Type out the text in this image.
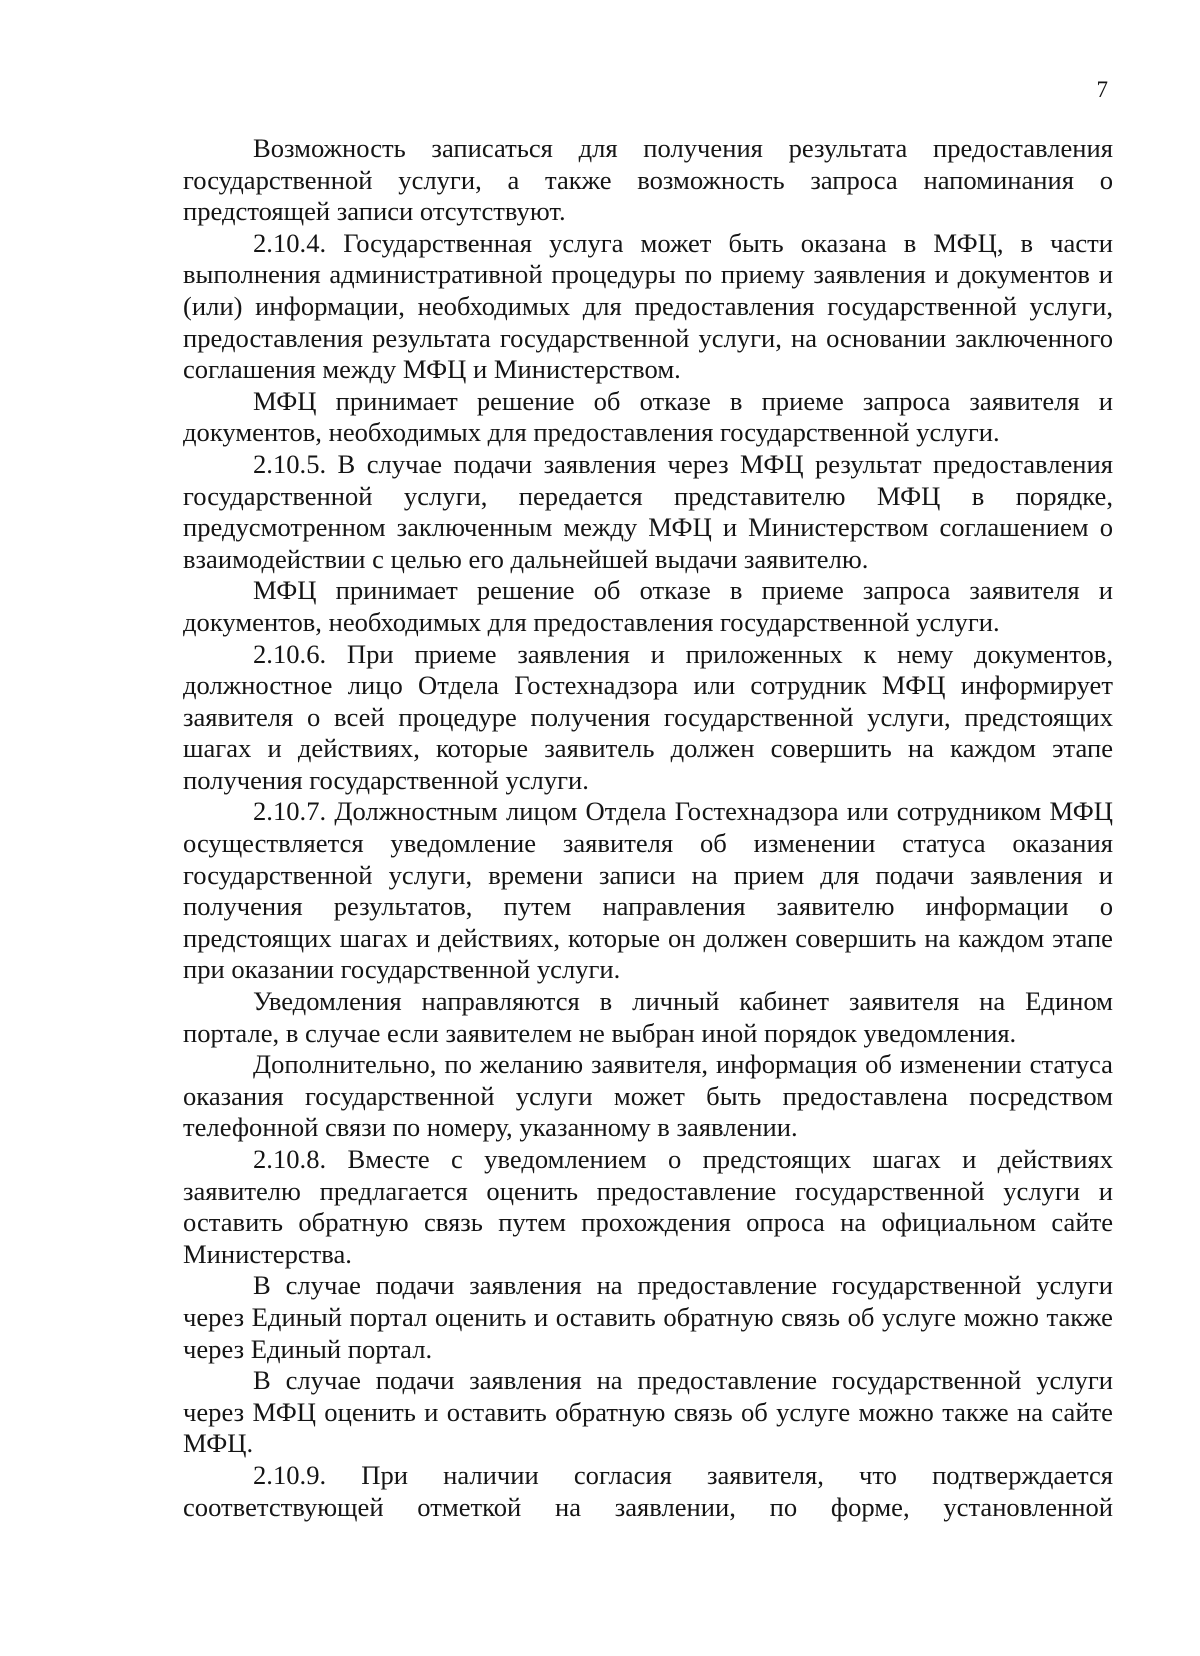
7

Возможность записаться для получения результата предоставления государственной услуги, а также возможность запроса напоминания о предстоящей записи отсутствуют.

2.10.4. Государственная услуга может быть оказана в МФЦ, в части выполнения административной процедуры по приему заявления и документов и (или) информации, необходимых для предоставления государственной услуги, предоставления результата государственной услуги, на основании заключенного соглашения между МФЦ и Министерством.

МФЦ принимает решение об отказе в приеме запроса заявителя и документов, необходимых для предоставления государственной услуги.

2.10.5. В случае подачи заявления через МФЦ результат предоставления государственной услуги, передается представителю МФЦ в порядке, предусмотренном заключенным между МФЦ и Министерством соглашением о взаимодействии с целью его дальнейшей выдачи заявителю.

МФЦ принимает решение об отказе в приеме запроса заявителя и документов, необходимых для предоставления государственной услуги.

2.10.6. При приеме заявления и приложенных к нему документов, должностное лицо Отдела Гостехнадзора или сотрудник МФЦ информирует заявителя о всей процедуре получения государственной услуги, предстоящих шагах и действиях, которые заявитель должен совершить на каждом этапе получения государственной услуги.

2.10.7. Должностным лицом Отдела Гостехнадзора или сотрудником МФЦ осуществляется уведомление заявителя об изменении статуса оказания государственной услуги, времени записи на прием для подачи заявления и получения результатов, путем направления заявителю информации о предстоящих шагах и действиях, которые он должен совершить на каждом этапе при оказании государственной услуги.

Уведомления направляются в личный кабинет заявителя на Едином портале, в случае если заявителем не выбран иной порядок уведомления.

Дополнительно, по желанию заявителя, информация об изменении статуса оказания государственной услуги может быть предоставлена посредством телефонной связи по номеру, указанному в заявлении.

2.10.8. Вместе с уведомлением о предстоящих шагах и действиях заявителю предлагается оценить предоставление государственной услуги и оставить обратную связь путем прохождения опроса на официальном сайте Министерства.

В случае подачи заявления на предоставление государственной услуги через Единый портал оценить и оставить обратную связь об услуге можно также через Единый портал.

В случае подачи заявления на предоставление государственной услуги через МФЦ оценить и оставить обратную связь об услуге можно также на сайте МФЦ.

2.10.9. При наличии согласия заявителя, что подтверждается соответствующей отметкой на заявлении, по форме, установленной
